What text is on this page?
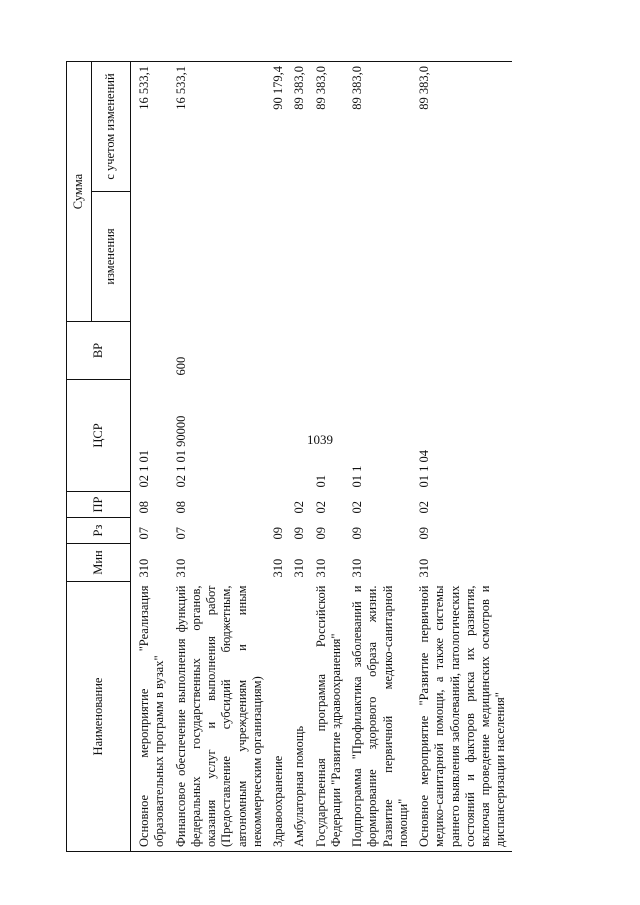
1039
Наименование	Мин	Рз	ПР	ЦСР	ВР	Сумма	
						изменения	с учетом изменений
Основное мероприятие "Реализация образовательных программ в вузах"	310	07	08	02 1 01			16 533,1
Финансовое обеспечение выполнения функций федеральных государственных органов, оказания услуг и выполнения работ (Предоставление субсидий бюджетным, автономным учреждениям и иным некоммерческим организациям)	310	07	08	02 1 01 90000	600		16 533,1
Здравоохранение	310	09					90 179,4
Амбулаторная помощь	310	09	02				89 383,0
Государственная программа Российской Федерации "Развитие здравоохранения"	310	09	02	01			89 383,0
Подпрограмма "Профилактика заболеваний и формирование здорового образа жизни. Развитие первичной медико-санитарной помощи"	310	09	02	01 1			89 383,0
Основное мероприятие "Развитие первичной медико-санитарной помощи, а также системы раннего выявления заболеваний, патологических состояний и факторов риска их развития, включая проведение медицинских осмотров и диспансеризации населения"	310	09	02	01 1 04			89 383,0
